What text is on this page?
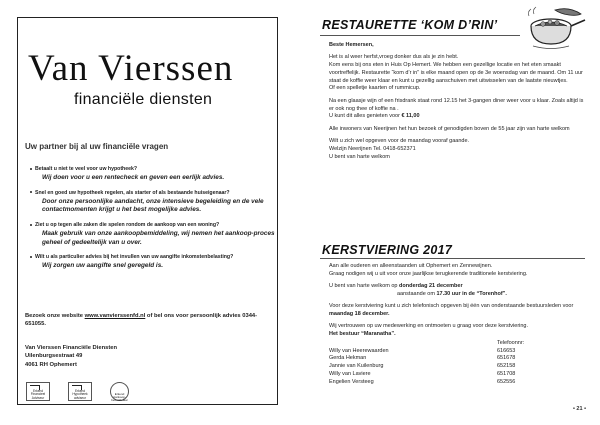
Van Vierssen
financiële diensten
Uw partner bij al uw financiële vragen
Betaalt u niet te veel voor uw hypotheek?
Wij doen voor u een rentecheck en geven een eerlijk advies.
Snel en goed uw hypotheek regelen, als starter of als bestaande huiseigenaar?
Door onze persoonlijke aandacht, onze intensieve begeleiding en de vele contactmomenten krijgt u het best mogelijke advies.
Ziet u op tegen alle zaken die spelen rondom de aankoop van een woning?
Maak gebruik van onze aankoopbemiddeling, wij nemen het aankoop-proces geheel of gedeeltelijk van u over.
Wilt u als particulier advies bij het invullen van uw aangifte inkomstenbelasting?
Wij zorgen uw aangifte snel geregeld is.
Bezoek onze website www.vanvierssenfd.nl of bel ons voor persoonlijk advies 0344-651055.
Van Vierssen Financiële Diensten
Uilenburgsestraat 49
4061 RH Ophemert
Erkend Financieel Adviseur
Erkend Hypotheek adviseur
Erkend Aankoop-bemiddelaar
RESTAURETTE ‘KOM D’RIN’

Beste Hemersen,

Het is al weer herfst,vroeg donker dus als je zin hebt.
Kom eens bij ons eten in Huis Op Hemert. We hebben een gezellige locatie en het eten smaakt voortreffelijk. Restaurette “kom d’r in” is elke maand open op de 3e woensdag van de maand. Om 11 uur staat de koffie weer klaar en kunt u gezellig aanschuiven met uitwisselen van de laatste nieuwtjes.
Of een spelletje kaarten of rummicup.

Na een glaasje wijn of een frisdrank staat rond 12.15 het 3-gangen diner weer voor u klaar. Zoals altijd is er ook nog thee of koffie na .
U kunt dit alles genieten voor € 11,00

Alle inwoners van Neerijnen het hun bezoek of genodigden boven de 55 jaar zijn van harte welkom

Wilt u zich wel opgeven voor de maandag vooraf gaande.
Welzijn Neerijnen Tel. 0418-652371
U bent van harte welkom

KERSTVIERING 2017

Aan alle ouderen en alleenstaanden uit Ophemert en Zennewijnen.
Graag nodigen wij u uit voor onze jaarlijkse terugkerende traditionele kerstviering.

U bent van harte welkom op donderdag 21 december
aanstaande om 17.30 uur in de “Torenhof”.

Voor deze kerstviering kunt u zich telefonisch opgeven bij één van onderstaande bestuursleden voor maandag 18 december.

Wij vertrouwen op uw medewerking en ontmoeten u graag voor deze kerstviering.
Het bestuur “Maranatha”.

	Telefoonnr:
Willy van Heerewaarden	616653
Gerda Hekman	651678
Jannie van Kuilenburg	652158
Willy van Laviere	651708
Engelien Versteeg	652556
• 21 •
